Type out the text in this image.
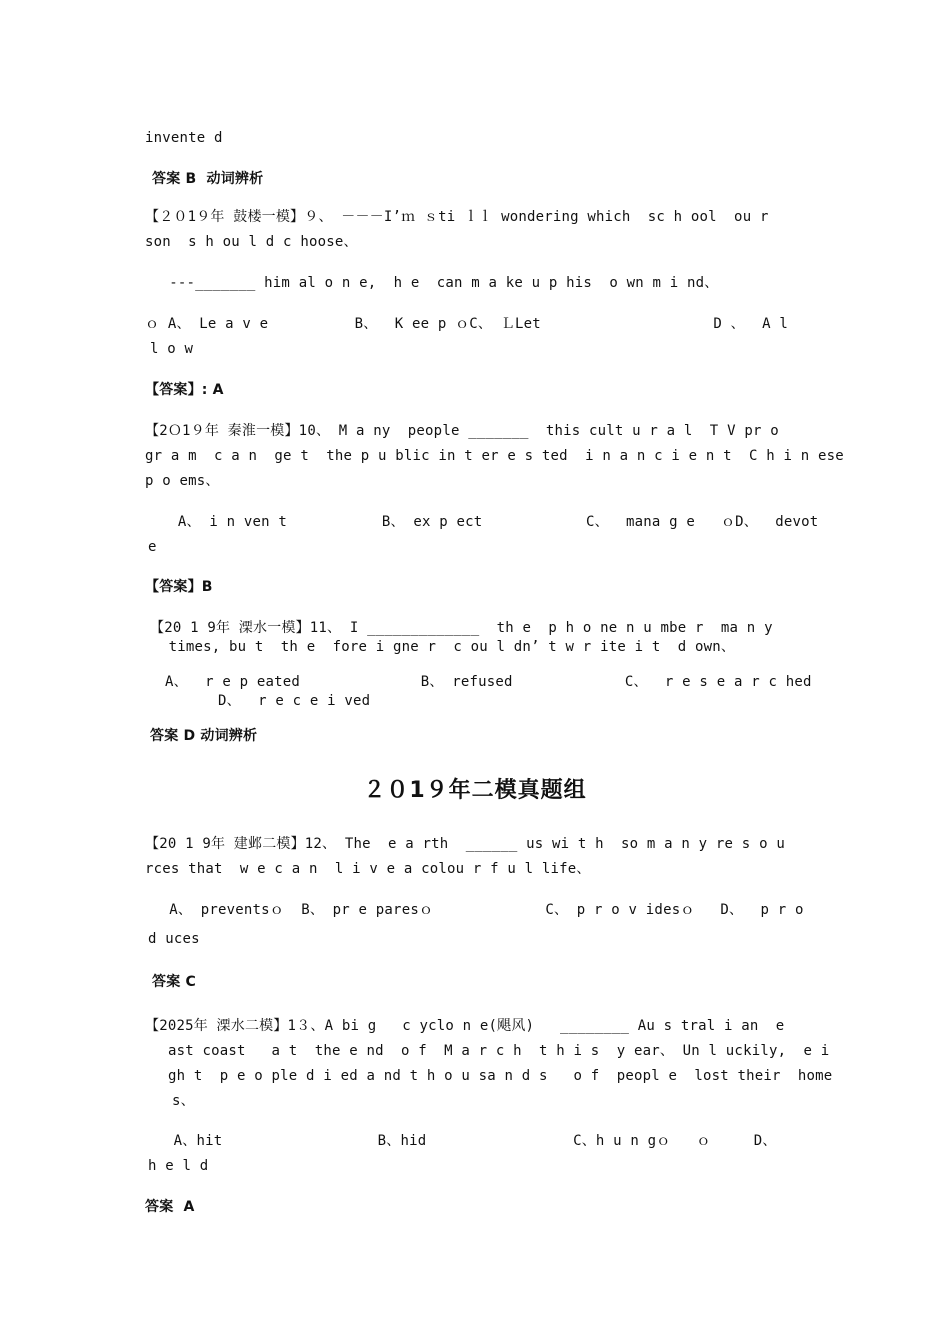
invente d
答案 B  动词辨析
【２０1９年 鼓楼一模】９、 －－－I’ｍ ｓti ｌｌ wondering which  sc h ool  ou r
son  s h ou l d c hoose、
---_______ him al o n e,  h e  can m a ke u p his  o wn m i nd、
ｏ A、 Le a v e          B、  K ee p ｏC、 ＬLet                    D 、  A l
l o w
【答案】: A
【2Ｏ1９年 秦淮一模】10、 M a ny  people _______  this cult u r a l  T V pr o
gr a m  c a n  ge t  the p u blic in t er e s ted  i n a n c i e n t  C h i n ese
p o ems、
A、 i n ven t           B、 ex p ect            C、  mana g e   ｏD、  devot
e
【答案】B
【20 1 9年 溧水一模】11、 I _____________  th e  p h o ne n u mbe r  ma n y
times, bu t  th e  fore i gne r  c ou l dn’ t w r ite i t  d own、
A、  r e p eated              B、 refused             C、  r e s e a r c hed
D、  r e c e i ved
答案 D 动词辨析
２０1９年二模真题组
【20 1 9年 建邺二模】12、 The  e a rth  ______ us wi t h  so m a n y re s o u
rces that  w e c a n  l i v e a colou r f u l life、
A、 preventsｏ  B、 pr e paresｏ             C、 p r o v idesｏ   D、  p r o
d uces
答案 C
【2025年 溧水二模】1３、A bi g   c yclo n e(飓风)   ________ Au s tral i an  e
ast coast   a t  the e nd  o f  M a r c h  t h i s  y ear、 Un l uckily,  e i
gh t  p e o ple d i ed a nd t h o u sa n d s   o f  peopl e  lost their  home
s、
A、hit                  B、hid                 C、h u n gｏ   ｏ     D、
h e l d
答案  A
